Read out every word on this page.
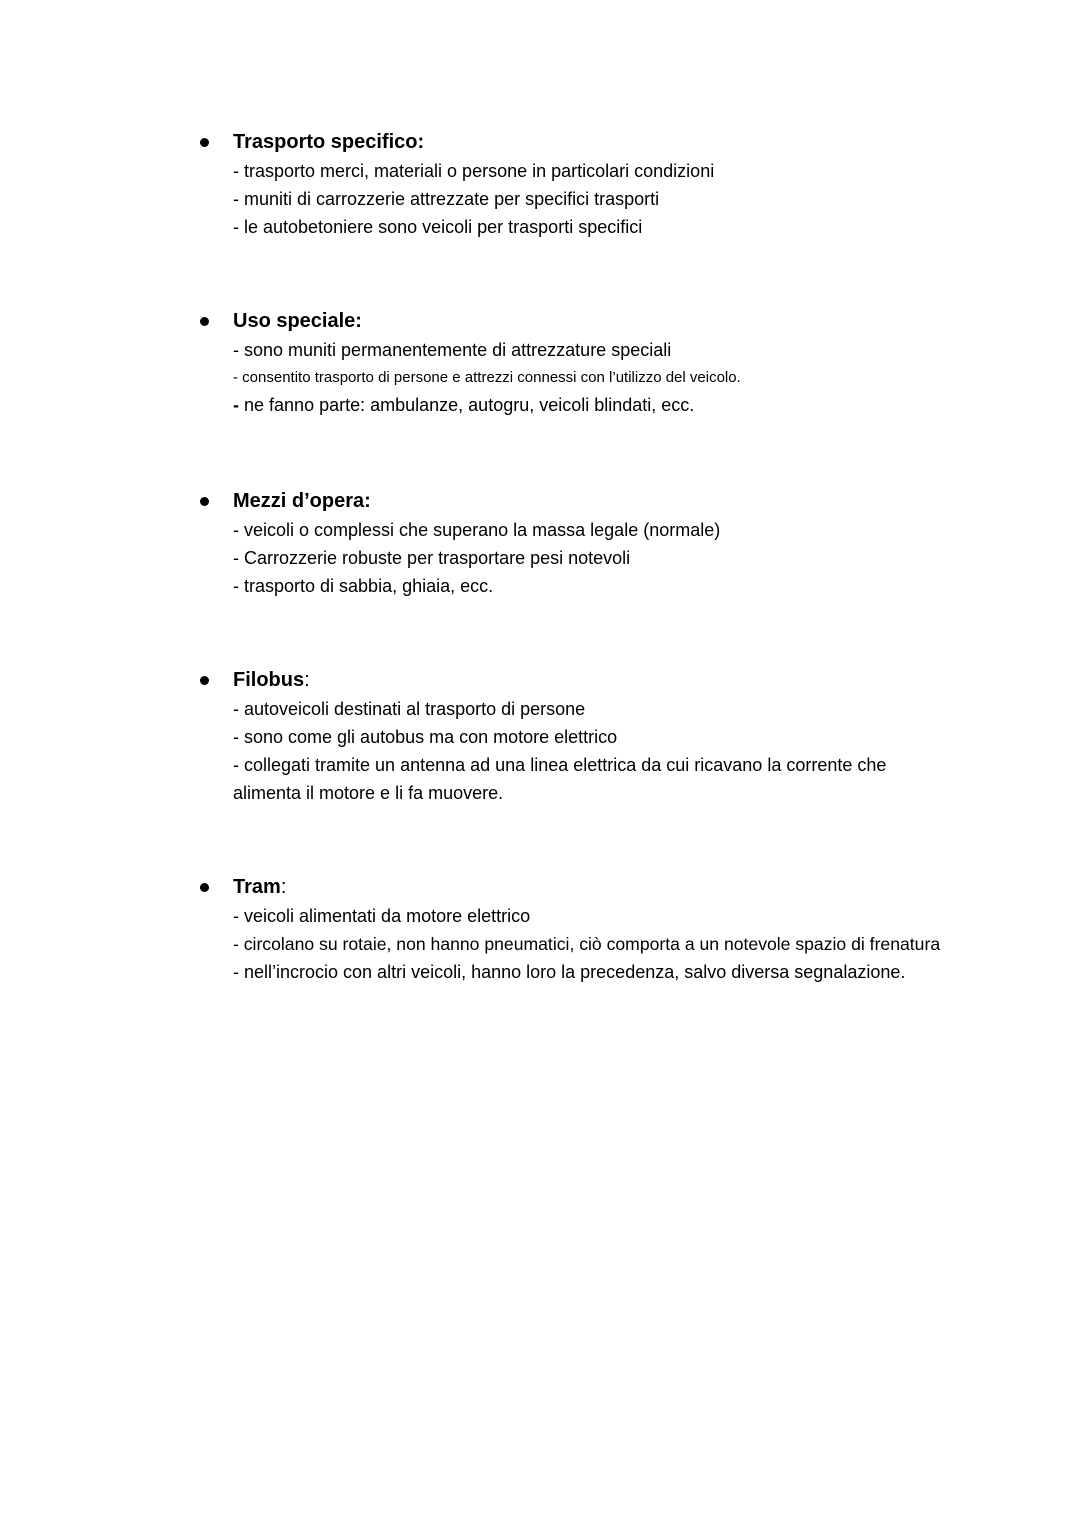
Trasporto specifico:
- trasporto merci, materiali o persone in particolari condizioni
- muniti di carrozzerie attrezzate per specifici trasporti
- le autobetoniere sono veicoli per trasporti specifici
Uso speciale:
- sono muniti permanentemente di attrezzature speciali
- consentito trasporto di persone e attrezzi connessi con l’utilizzo del veicolo.
- ne fanno parte: ambulanze, autogru, veicoli blindati, ecc.
Mezzi d’opera:
- veicoli o complessi che superano la massa legale (normale)
- Carrozzerie robuste per trasportare pesi notevoli
- trasporto di sabbia, ghiaia, ecc.
Filobus:
- autoveicoli destinati al trasporto di persone
- sono come gli autobus ma con motore elettrico
- collegati tramite un antenna ad una linea elettrica da cui ricavano la corrente che
alimenta il motore e li fa muovere.
Tram:
- veicoli alimentati da motore elettrico
- circolano su rotaie, non hanno pneumatici, ciò comporta a un notevole spazio di frenatura
- nell’incrocio con altri veicoli, hanno loro la precedenza, salvo diversa segnalazione.
